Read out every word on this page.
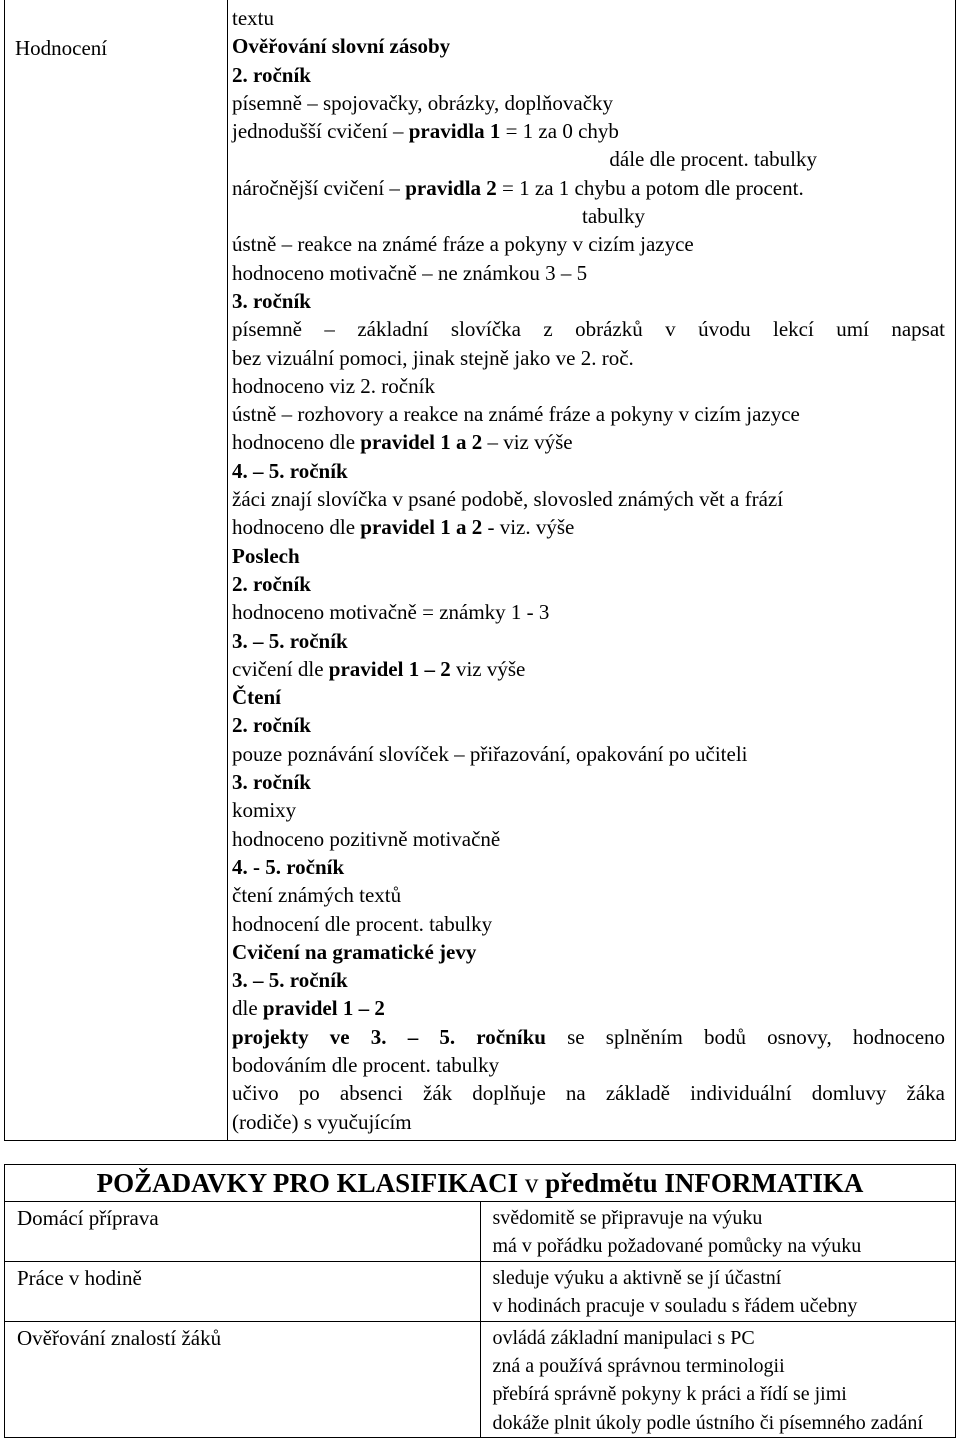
Hodnocení

textu
Ověřování slovní zásoby
2. ročník
písemně – spojovačky, obrázky, doplňovačky
jednodušší cvičení – pravidla 1 = 1 za 0 chyb
dále dle procent. tabulky
náročnější cvičení – pravidla 2 = 1 za 1 chybu a potom dle procent.
tabulky
ústně – reakce na známé fráze a pokyny v cizím jazyce
hodnoceno motivačně – ne známkou 3 – 5
3. ročník
písemně – základní slovíčka z obrázků v úvodu lekcí umí napsat
bez vizuální pomoci, jinak stejně jako ve 2. roč.
hodnoceno viz 2. ročník
ústně – rozhovory a reakce na známé fráze a pokyny v cizím jazyce
hodnoceno dle pravidel 1 a 2 – viz výše
4. – 5. ročník
žáci znají slovíčka v psané podobě, slovosled známých vět a frází
hodnoceno dle pravidel 1 a 2 - viz. výše
Poslech
2. ročník
hodnoceno motivačně = známky 1 - 3
3. – 5. ročník
cvičení dle pravidel 1 – 2 viz výše
Čtení
2. ročník
pouze poznávání slovíček – přiřazování, opakování po učiteli
3. ročník
komixy
hodnoceno pozitivně motivačně
4. - 5. ročník
čtení známých textů
hodnocení dle procent. tabulky
Cvičení na gramatické jevy
3. – 5. ročník
dle pravidel 1 – 2
projekty ve 3. – 5. ročníku se splněním bodů osnovy, hodnoceno
bodováním dle procent. tabulky
učivo po absenci žák doplňuje na základě individuální domluvy žáka
(rodiče) s vyučujícím
POŽADAVKY PRO KLASIFIKACI v předmětu INFORMATIKA	
Domácí příprava	svědomitě se připravuje na výuku
má v pořádku požadované pomůcky na výuku

Práce v hodině	sleduje výuku a aktivně se jí účastní
v hodinách pracuje v souladu s řádem učebny

Ověřování znalostí žáků	ovládá základní manipulaci s PC
zná a používá správnou terminologii
přebírá správně pokyny k práci a řídí se jimi
dokáže plnit úkoly podle ústního či písemného zadání
